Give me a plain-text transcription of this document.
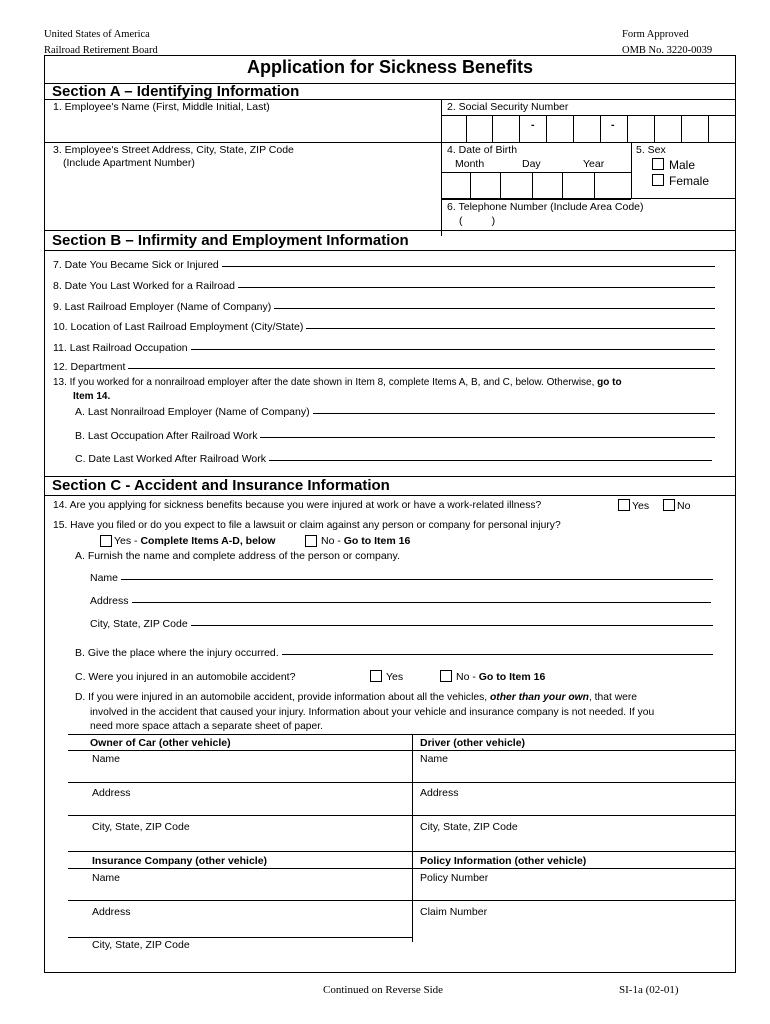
United States of America
Railroad Retirement Board
Form Approved
OMB No. 3220-0039
Application for Sickness Benefits
Section A – Identifying Information
1. Employee's Name (First, Middle Initial, Last)	2. Social Security Number
-	-
3. Employee's Street Address, City, State, ZIP Code
(Include Apartment Number)
4. Date of Birth
Month	Day	Year
5. Sex
Male
Female
6. Telephone Number (Include Area Code)
(          )
Section B – Infirmity and Employment Information
7. Date You Became Sick or Injured
8. Date You Last Worked for a Railroad
9. Last Railroad Employer (Name of Company)
10. Location of Last Railroad Employment (City/State)
11. Last Railroad Occupation
12. Department
13. If you worked for a nonrailroad employer after the date shown in Item 8, complete Items A, B, and C, below. Otherwise, go to
Item 14.
A. Last Nonrailroad Employer (Name of Company)
B. Last Occupation After Railroad Work
C. Date Last Worked After Railroad Work
Section C - Accident and Insurance Information
14. Are you applying for sickness benefits because you were injured at work or have a work-related illness?	Yes	No
15. Have you filed or do you expect to file a lawsuit or claim against any person or company for personal injury?
Yes - Complete Items A-D, below	No - Go to Item 16
A. Furnish the name and complete address of the person or company.
Name
Address
City, State, ZIP Code
B. Give the place where the injury occurred.
C. Were you injured in an automobile accident?	Yes	No - Go to Item 16
D. If you were injured in an automobile accident, provide information about all the vehicles, other than your own, that were
involved in the accident that caused your injury. Information about your vehicle and insurance company is not needed. If you
need more space attach a separate sheet of paper.
Owner of Car (other vehicle)	Driver (other vehicle)
Name	Name
Address	Address
City, State, ZIP Code	City, State, ZIP Code
Insurance Company (other vehicle)	Policy Information (other vehicle)
Name	Policy Number
Address	Claim Number
City, State, ZIP Code
Continued on Reverse Side	SI-1a (02-01)
